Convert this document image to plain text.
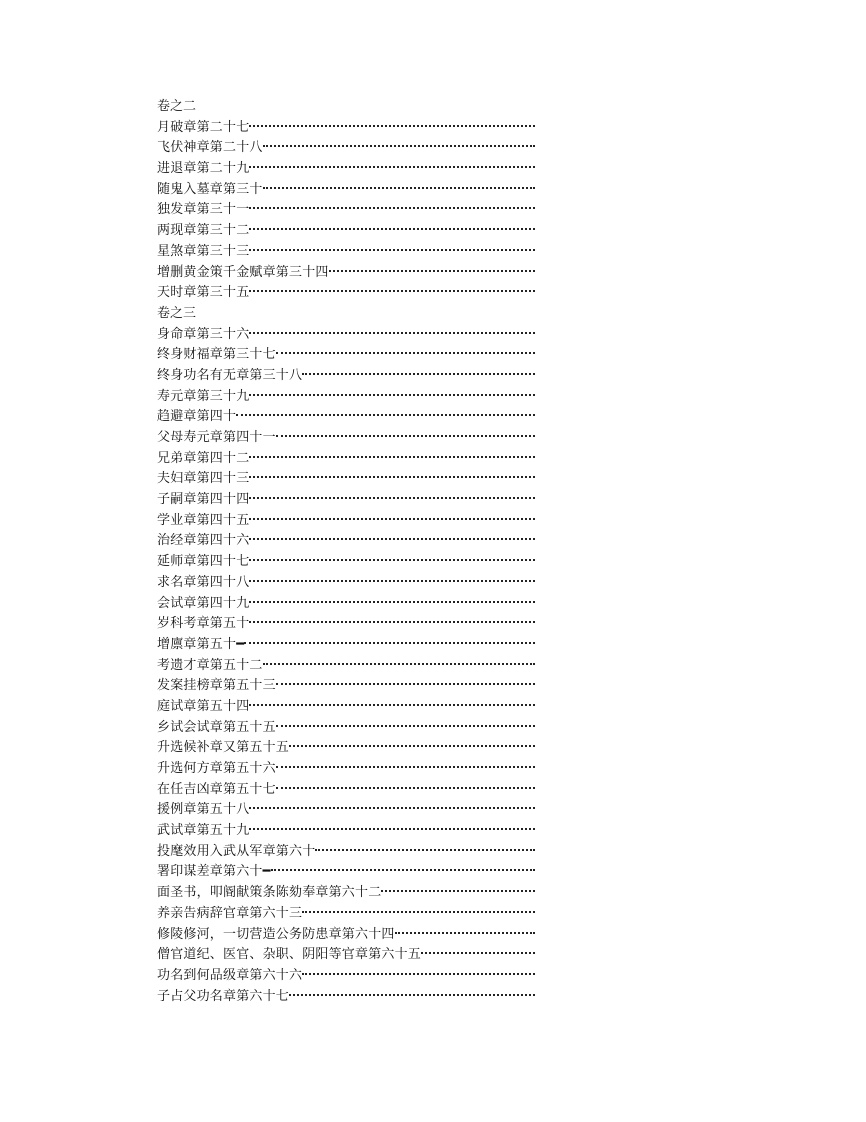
卷之二
月破章第二十七
飞伏神章第二十八
进退章第二十九
随鬼入墓章第三十
独发章第三十一
两现章第三十二
星煞章第三十三
增删黄金策千金赋章第三十四
天时章第三十五
卷之三
身命章第三十六
终身财福章第三十七
终身功名有无章第三十八
寿元章第三十九
趋避章第四十
父母寿元章第四十一
兄弟章第四十二
夫妇章第四十三
子嗣章第四十四
学业章第四十五
治经章第四十六
延师章第四十七
求名章第四十八
会试章第四十九
岁科考章第五十
增廪章第五十━
考遗才章第五十二
发案挂榜章第五十三
庭试章第五十四
乡试会试章第五十五
升选候补章又第五十五
升选何方章第五十六
在任吉凶章第五十七
援例章第五十八
武试章第五十九
投麾效用入武从军章第六十
署印谋差章第六十━
面圣书，叩阍献策条陈劾奉章第六十二
养亲告病辞官章第六十三
修陵修河，一切营造公务防患章第六十四
僧官道纪、医官、杂职、阴阳等官章第六十五
功名到何品级章第六十六
子占父功名章第六十七
